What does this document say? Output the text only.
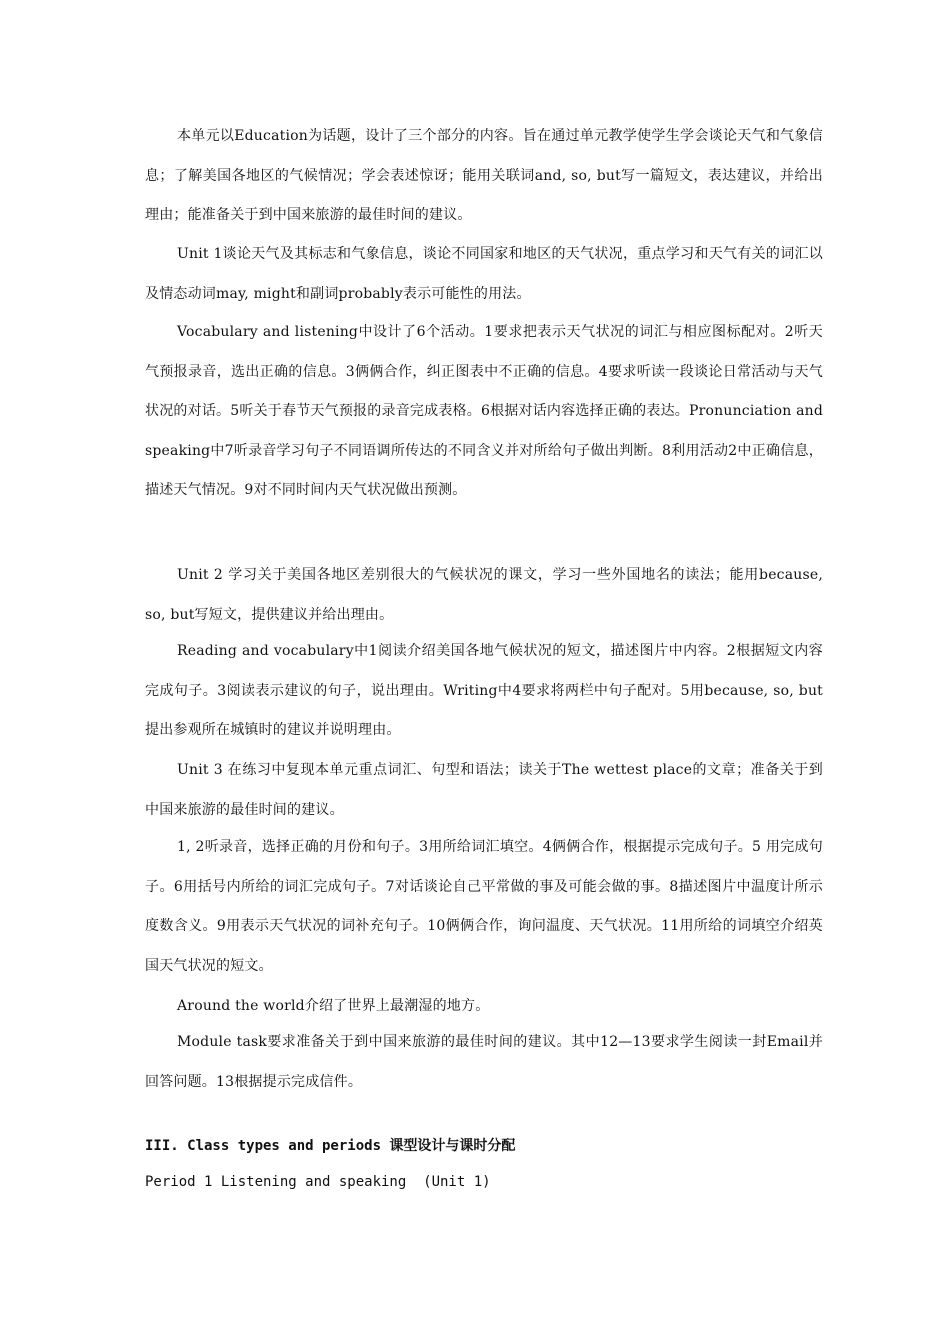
本单元以Education为话题，设计了三个部分的内容。旨在通过单元教学使学生学会谈论天气和气象信息；了解美国各地区的气候情况；学会表述惊讶；能用关联词and, so, but写一篇短文，表达建议，并给出理由；能准备关于到中国来旅游的最佳时间的建议。

Unit 1谈论天气及其标志和气象信息，谈论不同国家和地区的天气状况，重点学习和天气有关的词汇以及情态动词may, might和副词probably表示可能性的用法。

Vocabulary and listening中设计了6个活动。1要求把表示天气状况的词汇与相应图标配对。2听天气预报录音，选出正确的信息。3俩俩合作，纠正图表中不正确的信息。4要求听读一段谈论日常活动与天气状况的对话。5听关于春节天气预报的录音完成表格。6根据对话内容选择正确的表达。Pronunciation and speaking中7听录音学习句子不同语调所传达的不同含义并对所给句子做出判断。8利用活动2中正确信息，描述天气情况。9对不同时间内天气状况做出预测。

Unit 2 学习关于美国各地区差别很大的气候状况的课文，学习一些外国地名的读法；能用because, so, but写短文，提供建议并给出理由。

Reading and vocabulary中1阅读介绍美国各地气候状况的短文，描述图片中内容。2根据短文内容完成句子。3阅读表示建议的句子，说出理由。Writing中4要求将两栏中句子配对。5用because, so, but提出参观所在城镇时的建议并说明理由。

Unit 3 在练习中复现本单元重点词汇、句型和语法；读关于The wettest place的文章；准备关于到中国来旅游的最佳时间的建议。

1, 2听录音，选择正确的月份和句子。3用所给词汇填空。4俩俩合作，根据提示完成句子。5 用完成句子。6用括号内所给的词汇完成句子。7对话谈论自己平常做的事及可能会做的事。8描述图片中温度计所示度数含义。9用表示天气状况的词补充句子。10俩俩合作，询问温度、天气状况。11用所给的词填空介绍英国天气状况的短文。

Around the world介绍了世界上最潮湿的地方。

Module task要求准备关于到中国来旅游的最佳时间的建议。其中12—13要求学生阅读一封Email并回答问题。13根据提示完成信件。

III. Class types and periods 课型设计与课时分配

Period 1 Listening and speaking  (Unit 1)
